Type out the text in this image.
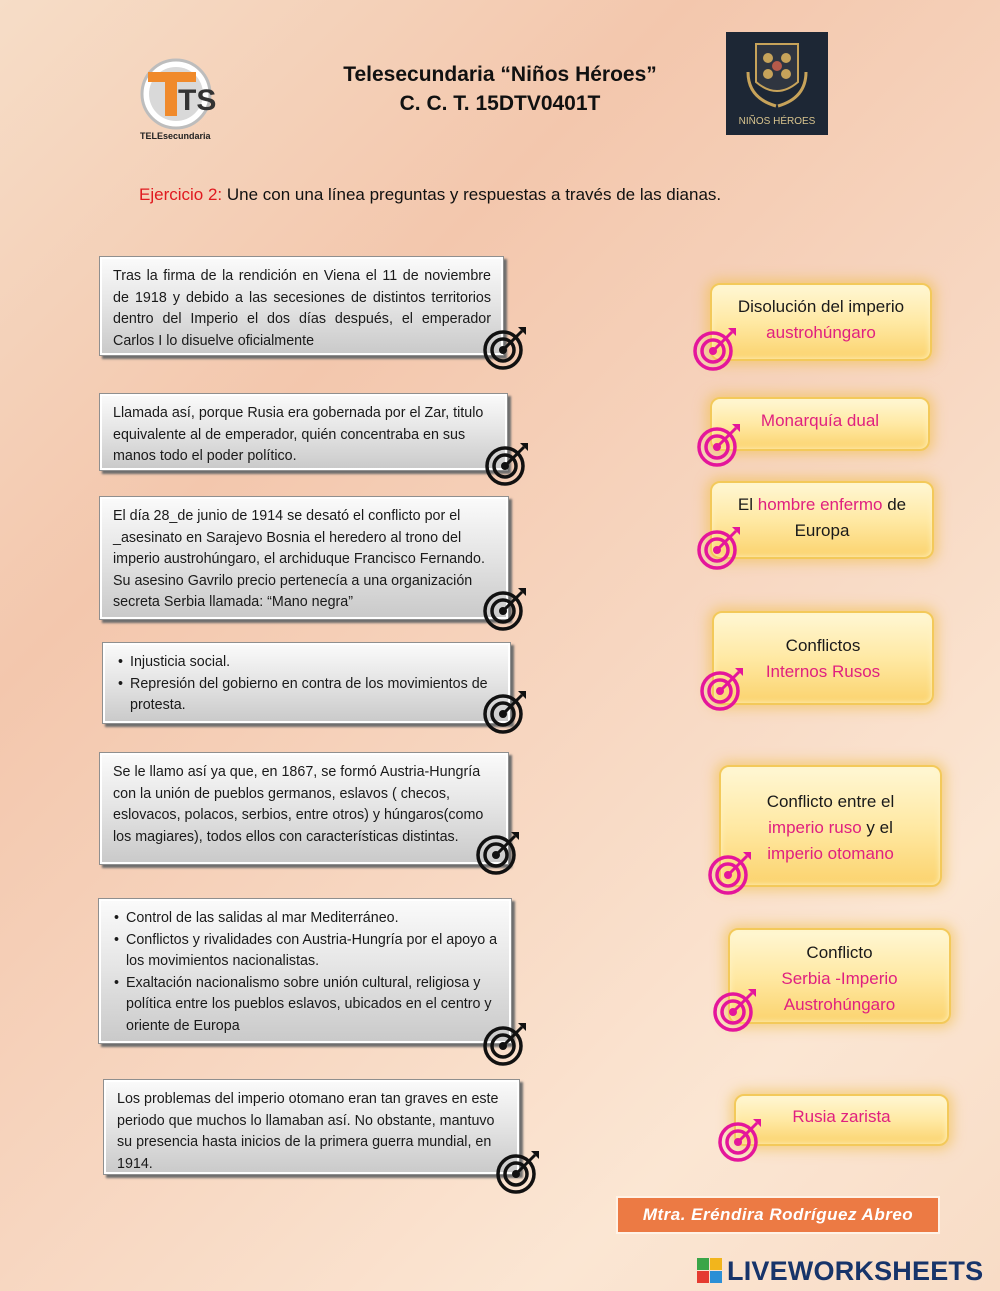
TS
TELEsecundaria
NIÑOS HÉROES
Telesecundaria “Niños Héroes”
C. C. T. 15DTV0401T
Ejercicio 2: Une con una línea preguntas y respuestas a través de las dianas.
Tras la firma de la rendición en Viena el 11 de noviembre de 1918 y debido a las secesiones de distintos territorios dentro del Imperio el dos días después, el emperador Carlos I lo disuelve oficialmente
Llamada así, porque Rusia era gobernada por el Zar, titulo equivalente al de emperador, quién concentraba en sus manos todo el poder político.
El día 28_de junio de 1914 se desató el conflicto por el _asesinato en Sarajevo Bosnia el heredero al trono del imperio austrohúngaro, el archiduque Francisco Fernando. Su asesino Gavrilo precio pertenecía a una organización secreta Serbia llamada: “Mano negra”
• Injusticia social.
• Represión del gobierno en contra de los movimientos de protesta.
Se le llamo así ya que, en 1867, se formó Austria-Hungría con la unión de pueblos germanos, eslavos ( checos, eslovacos, polacos, serbios, entre otros) y húngaros(como los magiares), todos ellos con características distintas.
• Control de las salidas al mar Mediterráneo.
• Conflictos y rivalidades con Austria-Hungría por el apoyo a los movimientos nacionalistas.
• Exaltación nacionalismo sobre unión cultural, religiosa y política entre los pueblos eslavos, ubicados en el centro y oriente de Europa
Los problemas del imperio otomano eran tan graves en este periodo que muchos lo llamaban así. No obstante, mantuvo su presencia hasta inicios de la primera guerra mundial, en 1914.
Disolución del imperio
austrohúngaro
Monarquía dual
El hombre enfermo de
Europa
Conflictos
Internos Rusos
Conflicto entre el
imperio ruso y el
imperio otomano
Conflicto
Serbia -Imperio
Austrohúngaro
Rusia zarista
Mtra. Eréndira Rodríguez Abreo
LIVEWORKSHEETS
